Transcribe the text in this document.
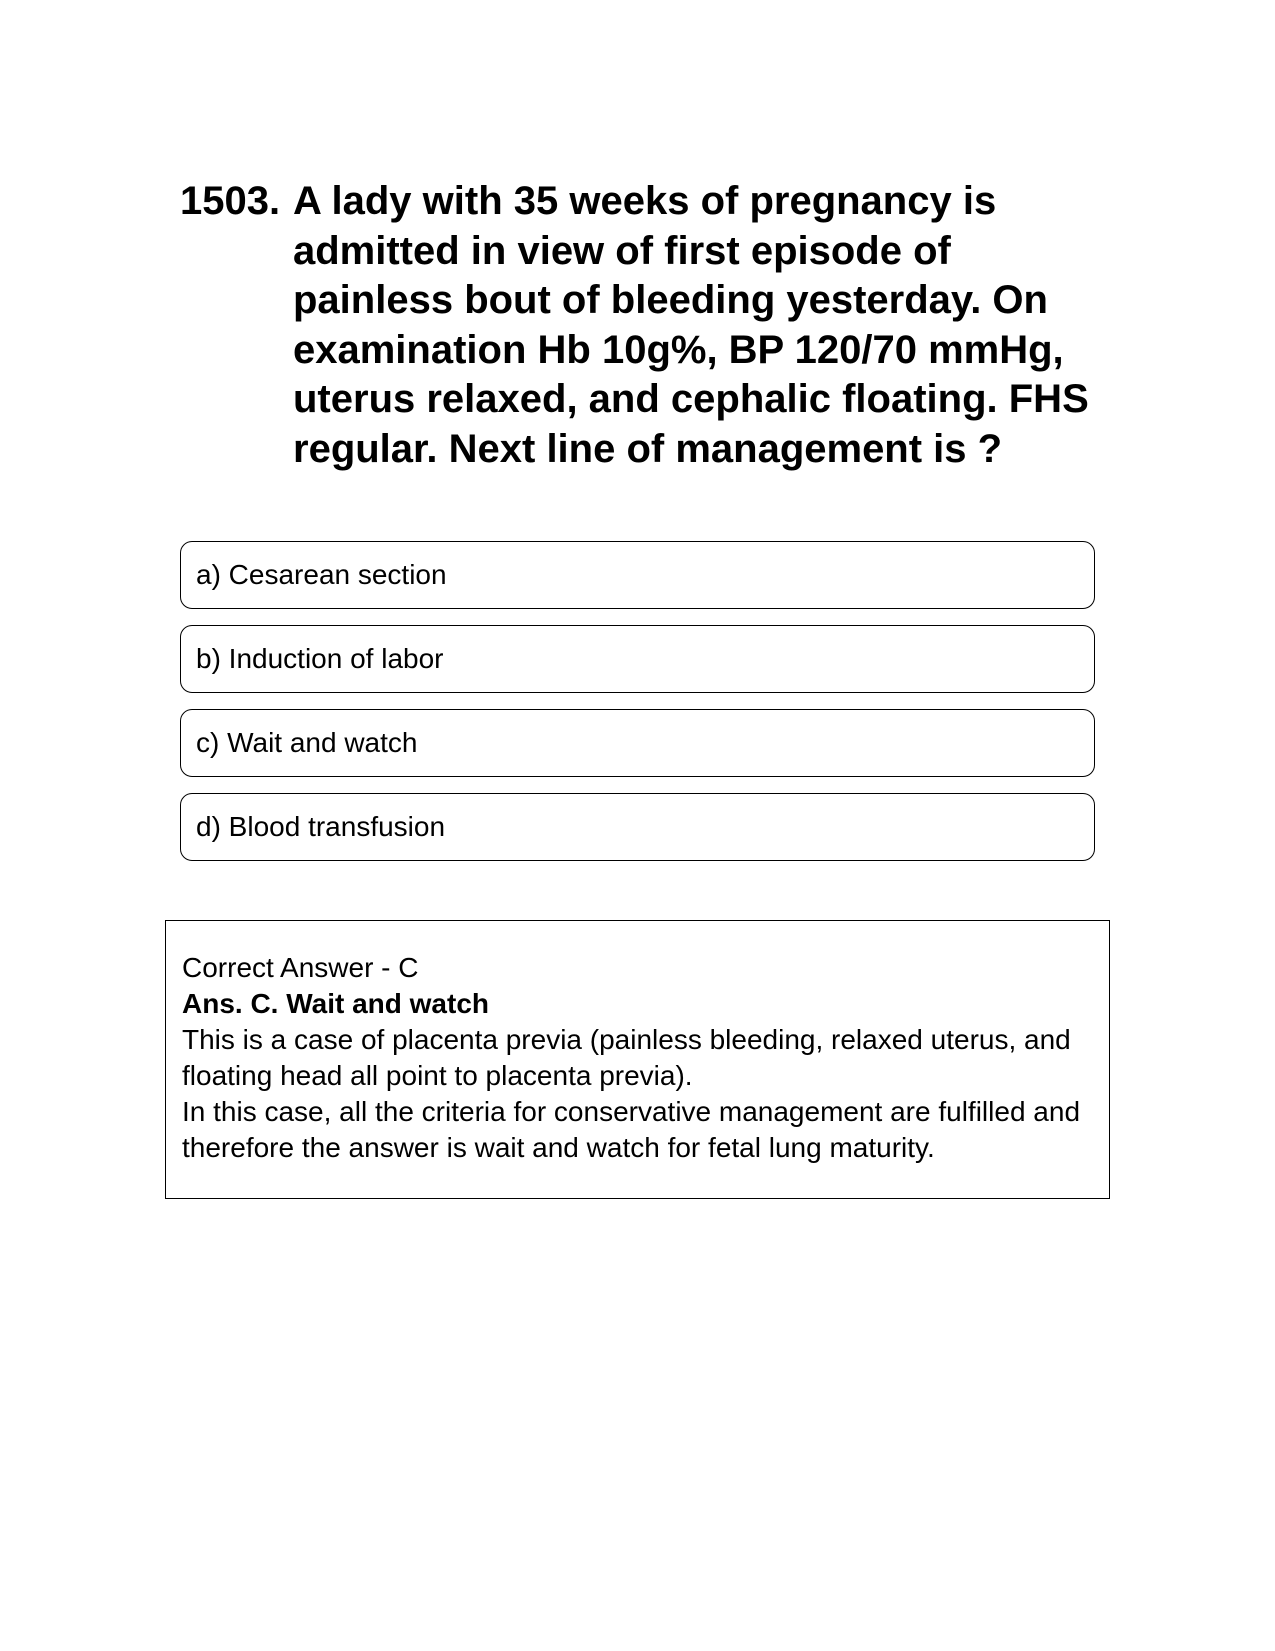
1503. A lady with 35 weeks of pregnancy is admitted in view of first episode of painless bout of bleeding yesterday. On examination Hb 10g%, BP 120/70 mmHg, uterus relaxed, and cephalic floating. FHS regular. Next line of management is ?
a) Cesarean section
b) Induction of labor
c) Wait and watch
d) Blood transfusion

Correct Answer - C

Ans. C. Wait and watch

This is a case of placenta previa (painless bleeding, relaxed uterus, and floating head all point to placenta previa).

In this case, all the criteria for conservative management are fulfilled and therefore the answer is wait and watch for fetal lung maturity.
